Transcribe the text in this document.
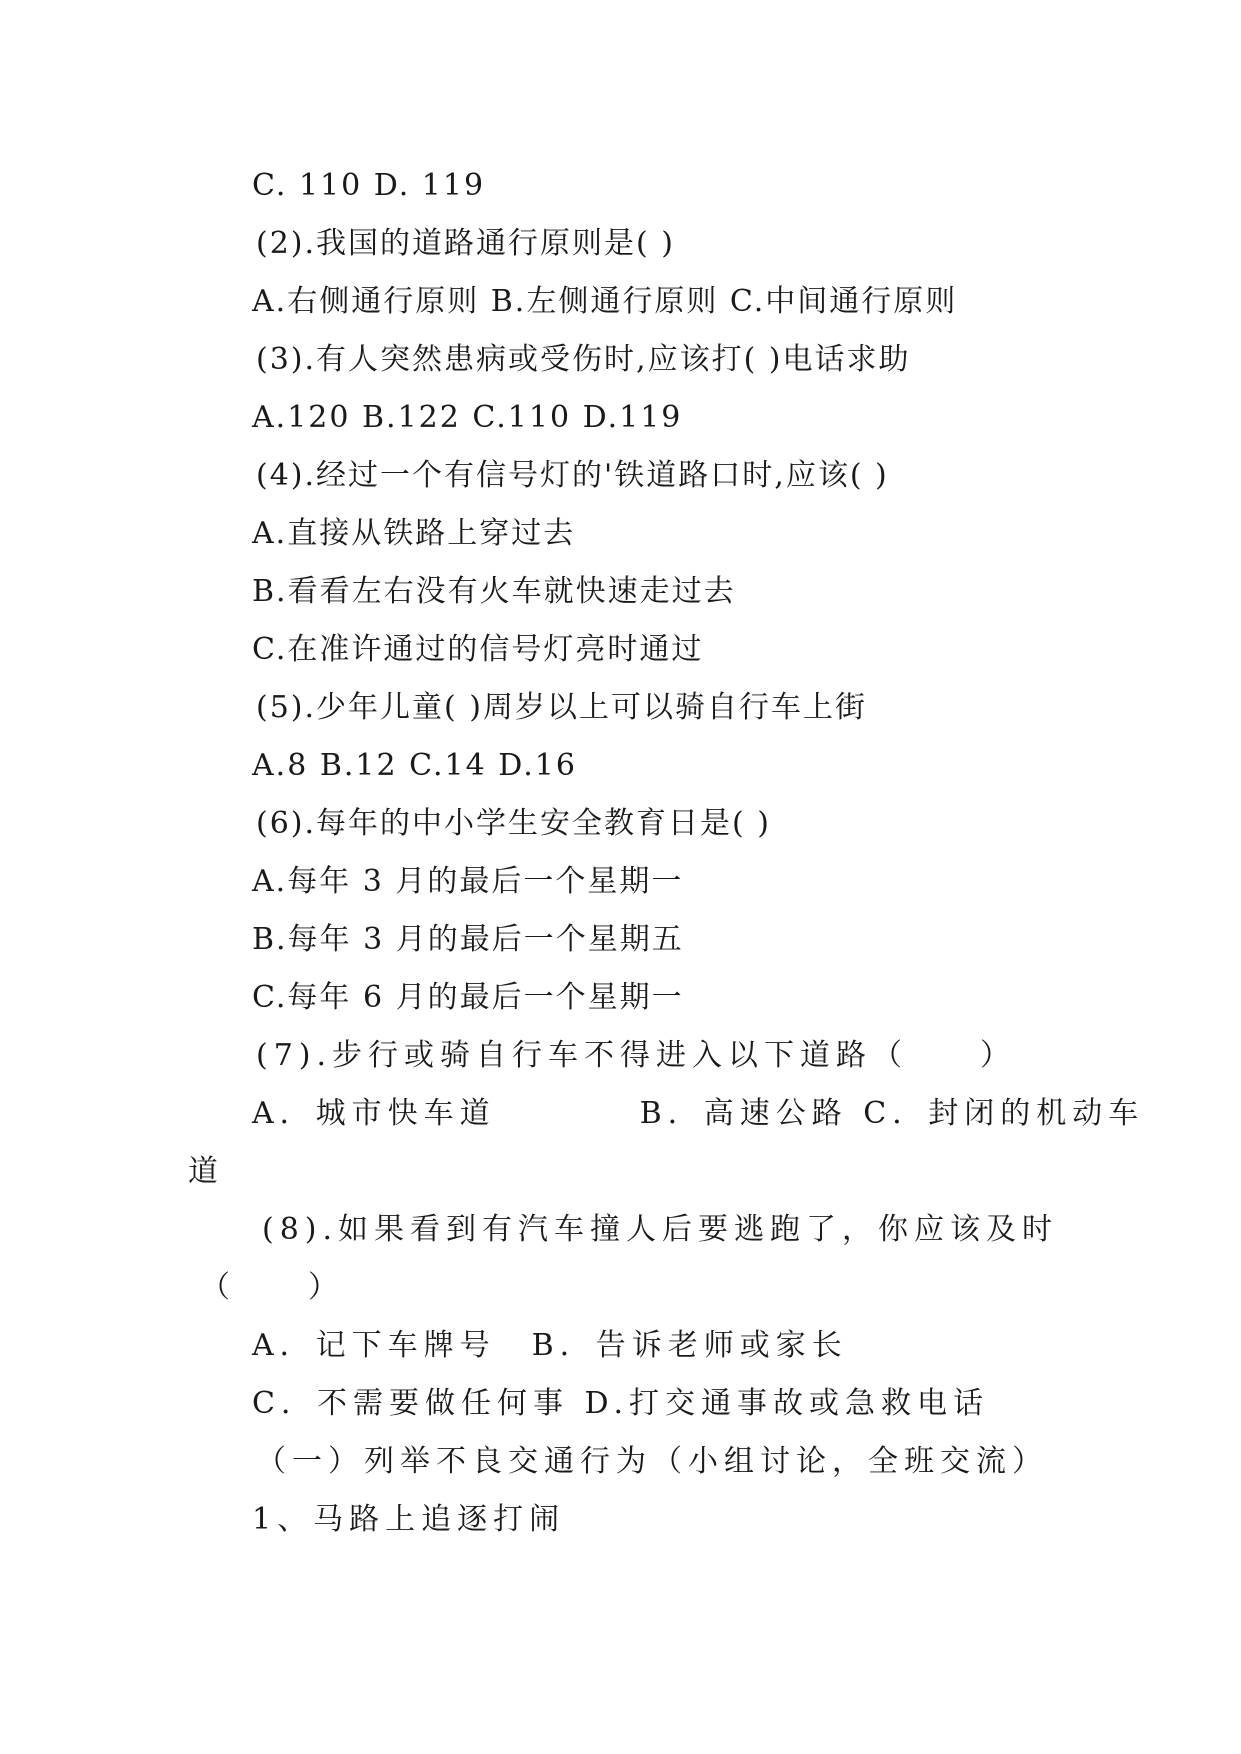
C. 110 D. 119
(2).我国的道路通行原则是( )
A.右侧通行原则 B.左侧通行原则 C.中间通行原则
(3).有人突然患病或受伤时,应该打( )电话求助
A.120 B.122 C.110 D.119
(4).经过一个有信号灯的'铁道路口时,应该( )
A.直接从铁路上穿过去
B.看看左右没有火车就快速走过去
C.在准许通过的信号灯亮时通过
(5).少年儿童( )周岁以上可以骑自行车上街
A.8 B.12 C.14 D.16
(6).每年的中小学生安全教育日是( )
A.每年 3 月的最后一个星期一
B.每年 3 月的最后一个星期五
C.每年 6 月的最后一个星期一
(7).步行或骑自行车不得进入以下道路（　　）
A．城市快车道　　　　B．高速公路 C．封闭的机动车
道
(8).如果看到有汽车撞人后要逃跑了，你应该及时
（　　）
A．记下车牌号　B．告诉老师或家长
C．不需要做任何事 D.打交通事故或急救电话
（一）列举不良交通行为（小组讨论，全班交流）
1、马路上追逐打闹
